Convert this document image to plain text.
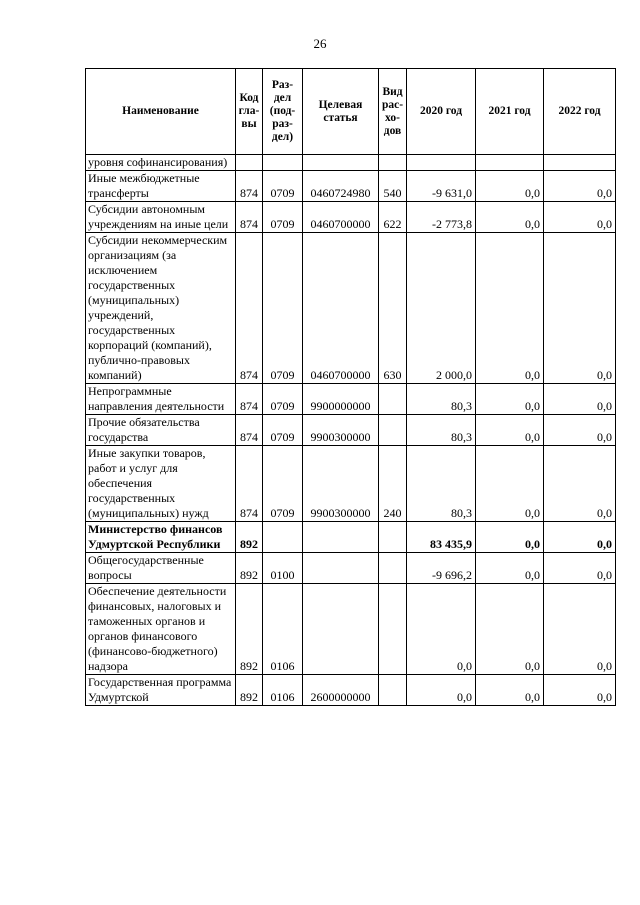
26
Наименование	Код гла-вы	Раз-дел (под-раз-дел)	Целевая статья	Вид рас-хо-дов	2020 год	2021 год	2022 год
уровня софинансирования)							
Иные межбюджетные трансферты	874	0709	0460724980	540	-9 631,0	0,0	0,0
Субсидии автономным учреждениям на иные цели	874	0709	0460700000	622	-2 773,8	0,0	0,0
Субсидии некоммерческим организациям (за исключением государственных (муниципальных) учреждений, государственных корпораций (компаний), публично-правовых компаний)	874	0709	0460700000	630	2 000,0	0,0	0,0
Непрограммные направления деятельности	874	0709	9900000000		80,3	0,0	0,0
Прочие обязательства государства	874	0709	9900300000		80,3	0,0	0,0
Иные закупки товаров, работ и услуг для обеспечения государственных (муниципальных) нужд	874	0709	9900300000	240	80,3	0,0	0,0
Министерство финансов Удмуртской Республики	892				83 435,9	0,0	0,0
Общегосударственные вопросы	892	0100			-9 696,2	0,0	0,0
Обеспечение деятельности финансовых, налоговых и таможенных органов и органов финансового (финансово-бюджетного) надзора	892	0106			0,0	0,0	0,0
Государственная программа Удмуртской	892	0106	2600000000		0,0	0,0	0,0
